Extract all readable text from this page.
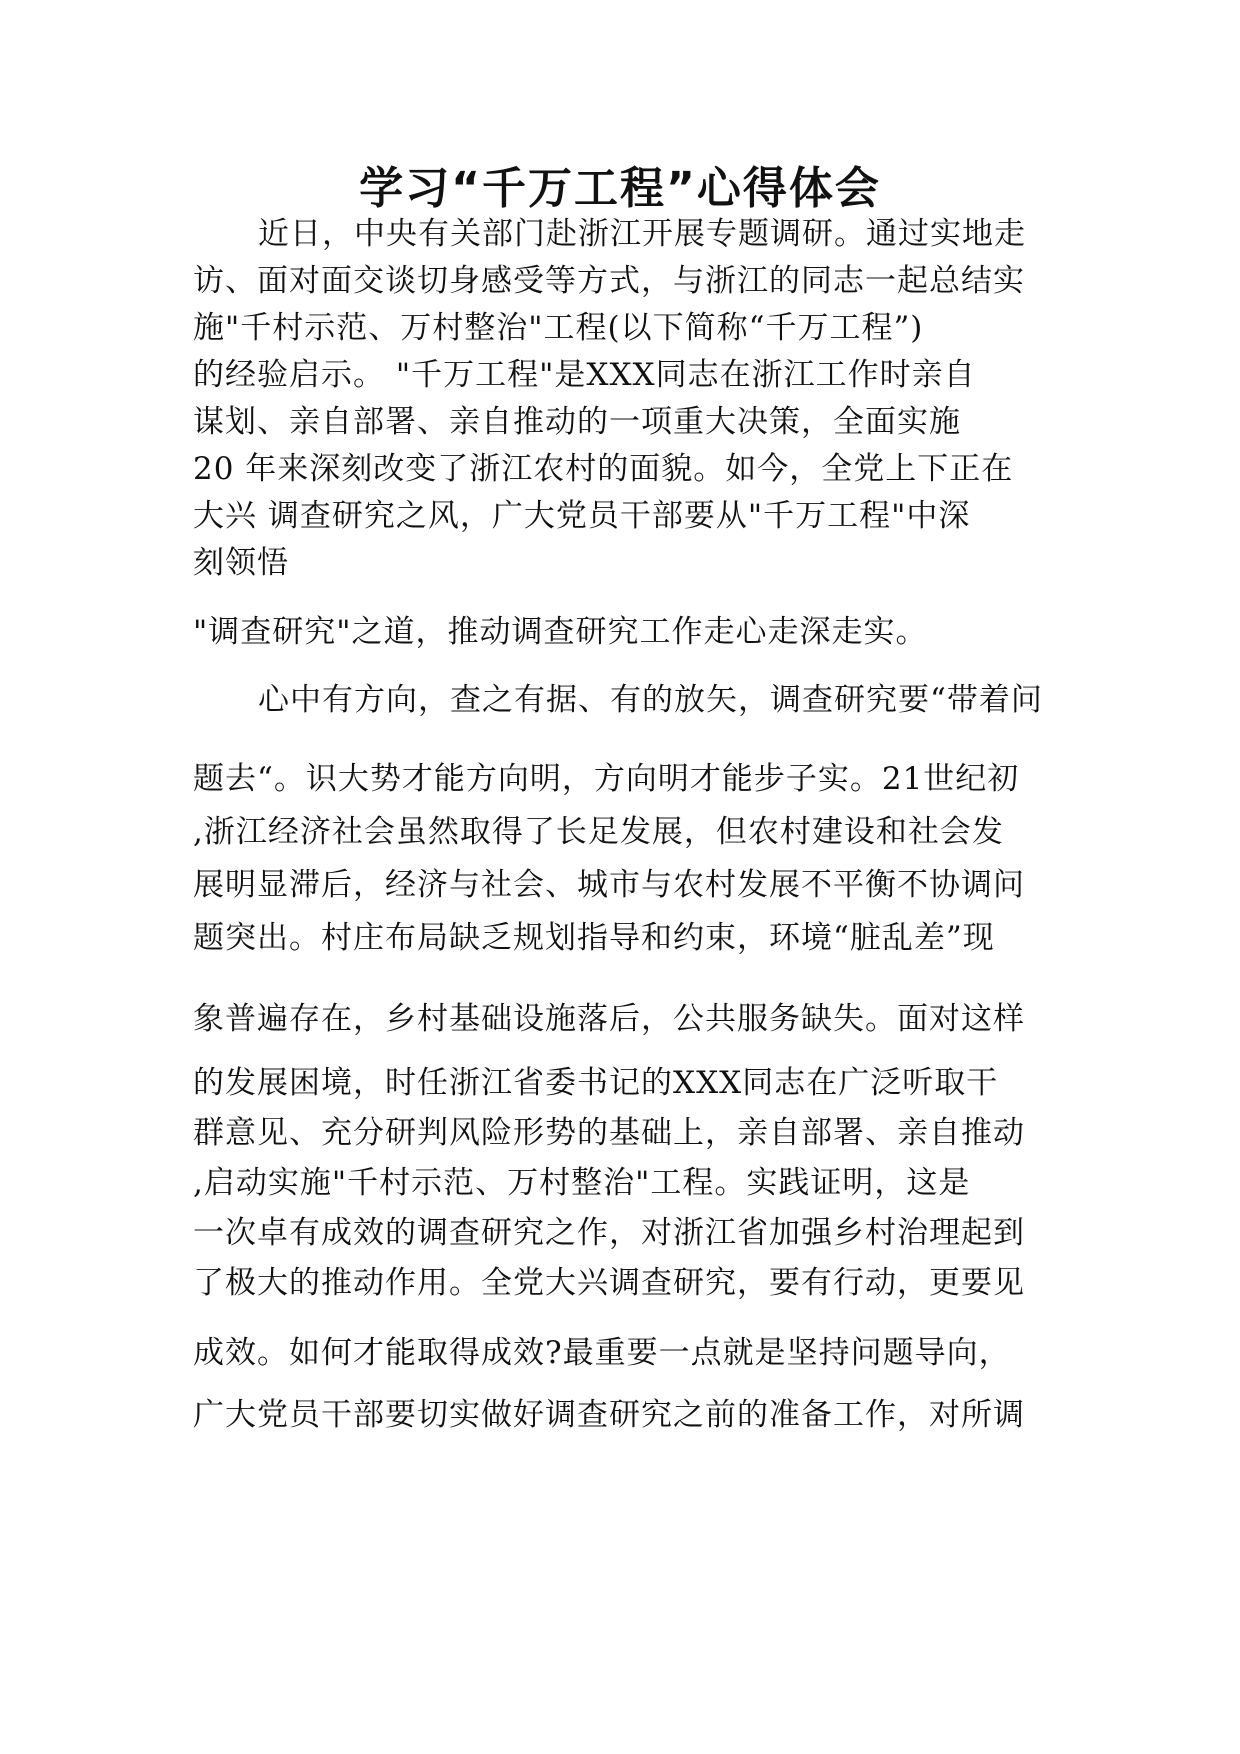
学习“千万工程”心得体会
近日，中央有关部门赴浙江开展专题调研。通过实地走
访、面对面交谈切身感受等方式，与浙江的同志一起总结实
施"千村示范、万村整治"工程(以下简称“千万工程”)
的经验启示。 "千万工程"是XXX同志在浙江工作时亲自
谋划、亲自部署、亲自推动的一项重大决策，全面实施
20 年来深刻改变了浙江农村的面貌。如今，全党上下正在
大兴 调查研究之风，广大党员干部要从"千万工程"中深
刻领悟
"调查研究"之道，推动调查研究工作走心走深走实。
心中有方向，查之有据、有的放矢，调查研究要“带着问
题去“。识大势才能方向明，方向明才能步子实。21世纪初
,浙江经济社会虽然取得了长足发展，但农村建设和社会发
展明显滞后，经济与社会、城市与农村发展不平衡不协调问
题突出。村庄布局缺乏规划指导和约束，环境“脏乱差”现
象普遍存在，乡村基础设施落后，公共服务缺失。面对这样
的发展困境，时任浙江省委书记的XXX同志在广泛听取干
群意见、充分研判风险形势的基础上，亲自部署、亲自推动
,启动实施"千村示范、万村整治"工程。实践证明，这是
一次卓有成效的调查研究之作，对浙江省加强乡村治理起到
了极大的推动作用。全党大兴调查研究，要有行动，更要见
成效。如何才能取得成效?最重要一点就是坚持问题导向，
广大党员干部要切实做好调查研究之前的准备工作，对所调
